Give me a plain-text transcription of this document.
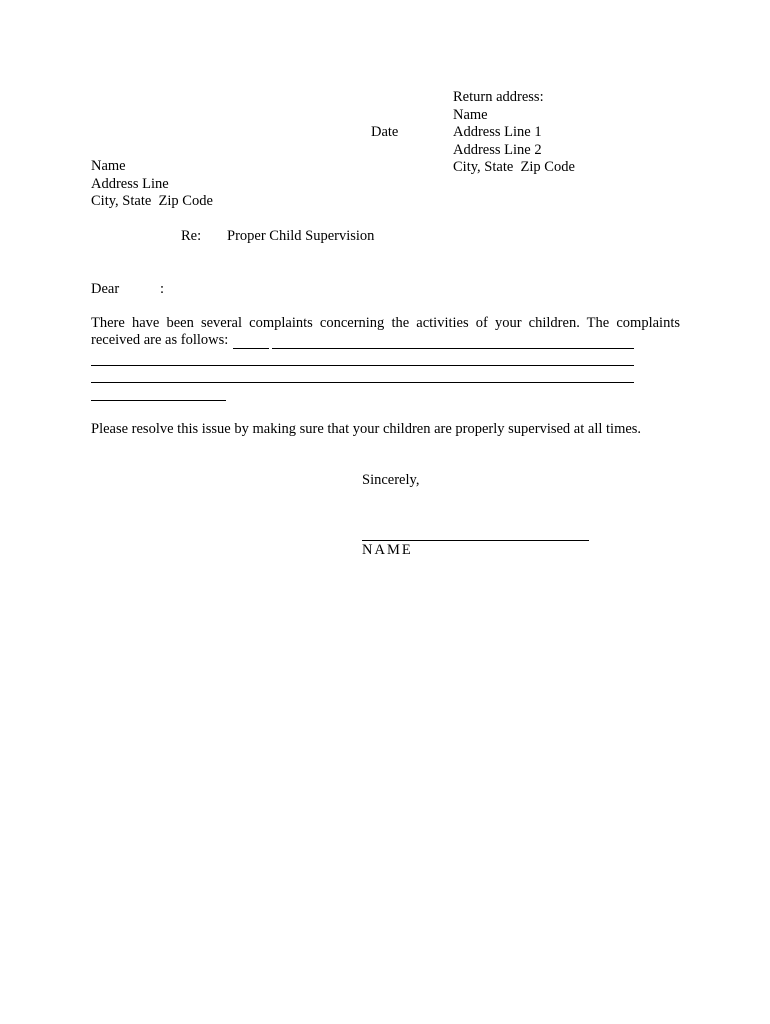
Return address:
Name
Address Line 1
Address Line 2
City, State  Zip Code
Date
Name
Address Line
City, State  Zip Code
Re: Proper Child Supervision
Dear	:
There have been several complaints concerning the activities of your children. The complaints
received are as follows:
Please resolve this issue by making sure that your children are properly supervised at all times.
Sincerely,
NAME
